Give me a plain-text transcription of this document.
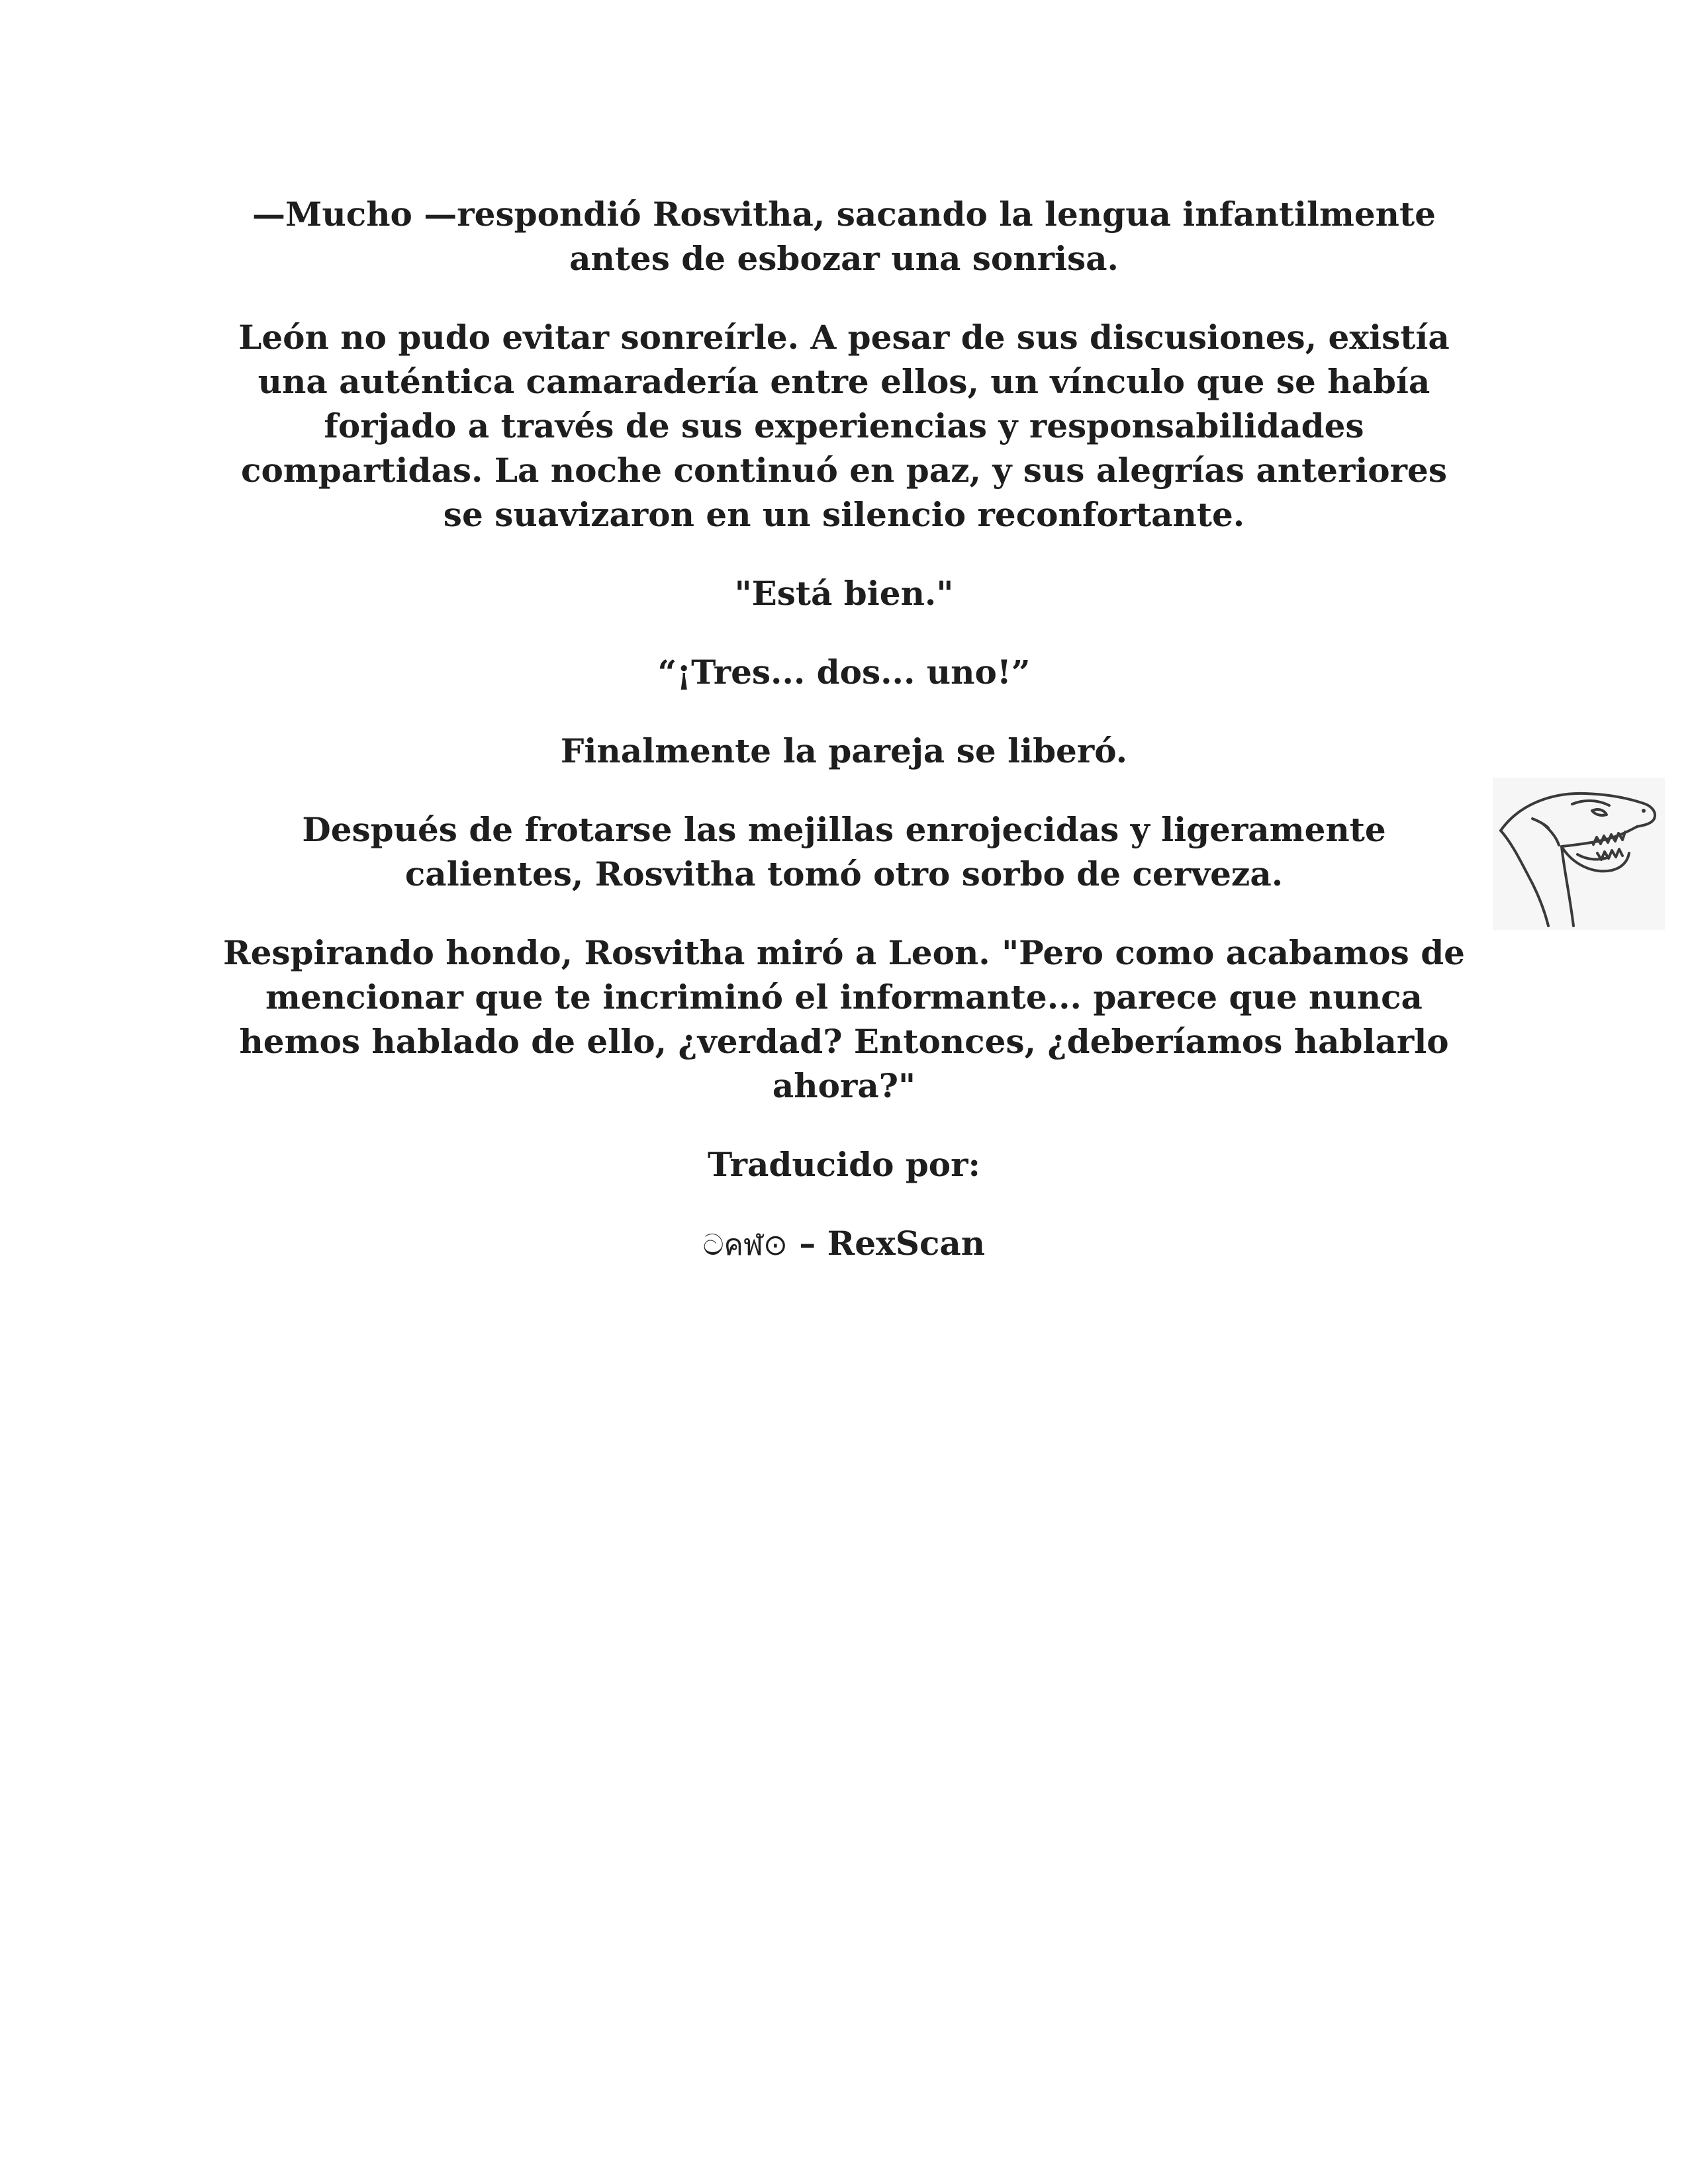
—Mucho —respondió Rosvitha, sacando la lengua infantilmente antes de esbozar una sonrisa.

León no pudo evitar sonreírle. A pesar de sus discusiones, existía una auténtica camaradería entre ellos, un vínculo que se había forjado a través de sus experiencias y responsabilidades compartidas. La noche continuó en paz, y sus alegrías anteriores se suavizaron en un silencio reconfortante.

"Está bien."

“¡Tres... dos... uno!”

Finalmente la pareja se liberó.

Después de frotarse las mejillas enrojecidas y ligeramente calientes, Rosvitha tomó otro sorbo de cerveza.

Respirando hondo, Rosvitha miró a Leon. "Pero como acabamos de mencionar que te incriminó el informante... parece que nunca hemos hablado de ello, ¿verdad? Entonces, ¿deberíamos hablarlo ahora?"

Traducido por:

ටคฬ⊙ – RexScan
